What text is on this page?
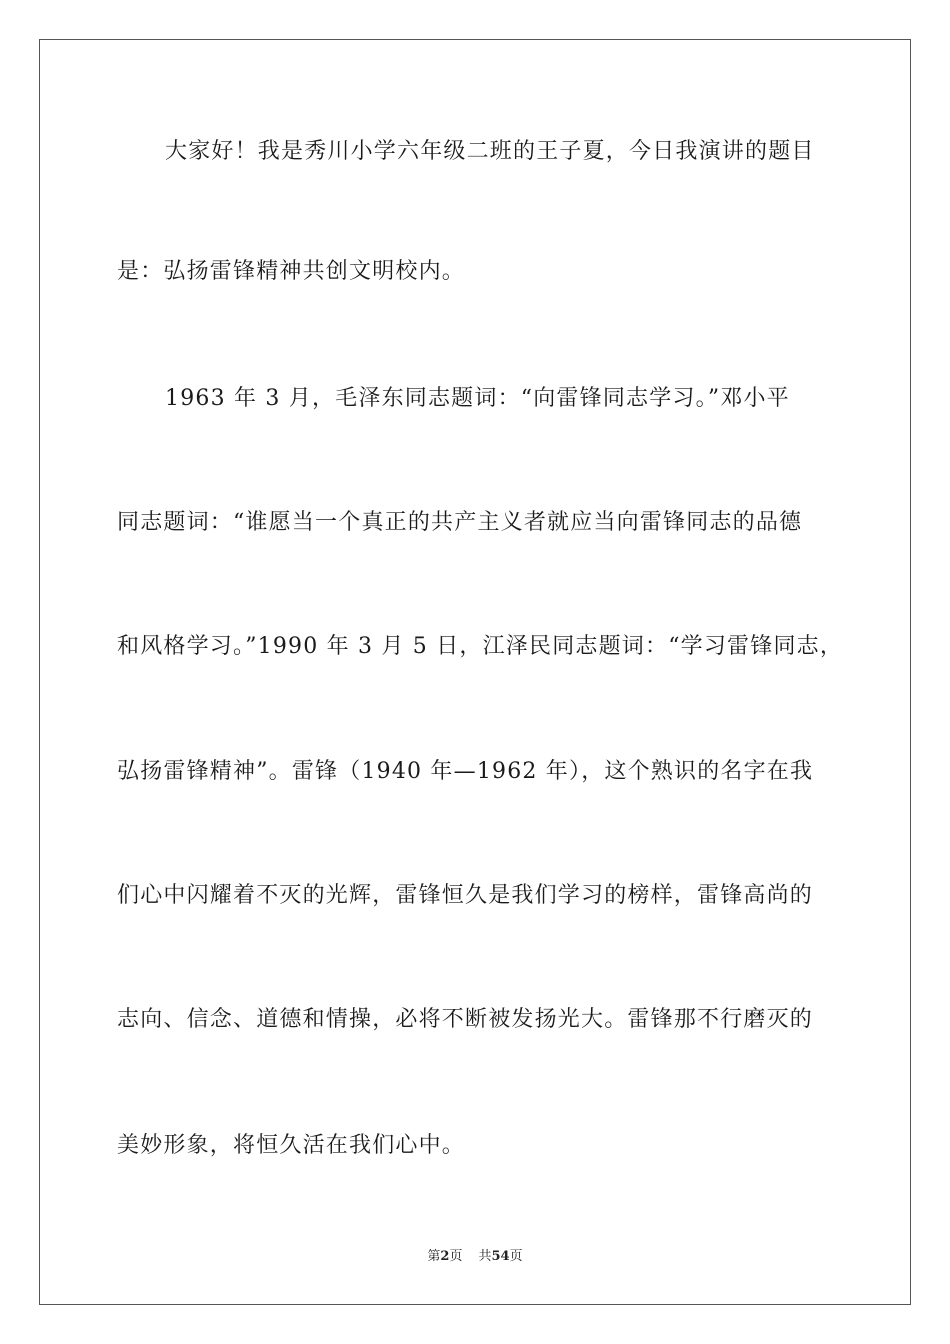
大家好！我是秀川小学六年级二班的王子夏，今日我演讲的题目
是：弘扬雷锋精神共创文明校内。
1963 年 3 月，毛泽东同志题词：“向雷锋同志学习。”邓小平
同志题词：“谁愿当一个真正的共产主义者就应当向雷锋同志的品德
和风格学习。”1990 年 3 月 5 日，江泽民同志题词：“学习雷锋同志，
弘扬雷锋精神”。雷锋（1940 年—1962 年），这个熟识的名字在我
们心中闪耀着不灭的光辉，雷锋恒久是我们学习的榜样，雷锋高尚的
志向、信念、道德和情操，必将不断被发扬光大。雷锋那不行磨灭的
美妙形象，将恒久活在我们心中。
第2页 共54页
